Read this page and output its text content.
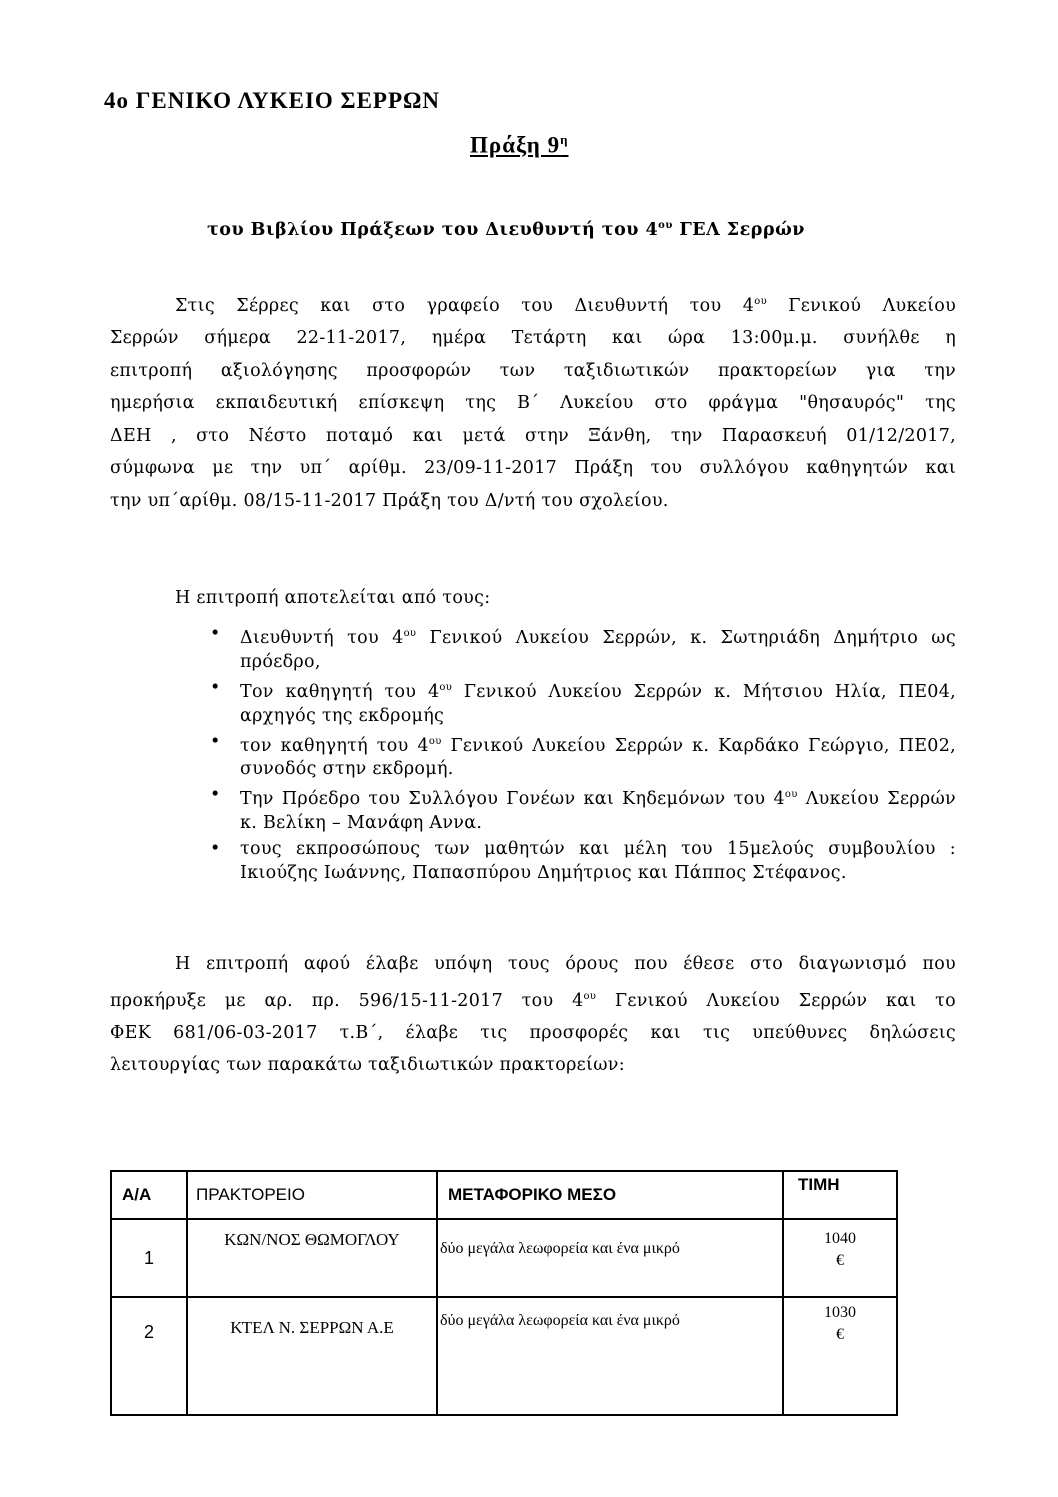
4ο ΓΕΝΙΚΟ ΛΥΚΕΙΟ ΣΕΡΡΩΝ
Πράξη $9^\eta$
του Βιβλίου Πράξεων του Διευθυντή του $4^{o\upsilon}$ ΓΕΛ Σερρών
Στις Σέρρες και στο γραφείο του Διευθυντή του $4^{o\upsilon}$ Γενικού Λυκείου
Σερρών σήμερα 22-11-2017, ημέρα Τετάρτη και ώρα 13:00μ.μ. συνήλθε η
επιτροπή αξιολόγησης προσφορών των ταξιδιωτικών πρακτορείων για την
ημερήσια εκπαιδευτική επίσκεψη της Β΄ Λυκείου στο φράγμα "θησαυρός" της
ΔΕΗ , στο Νέστο ποταμό και μετά στην Ξάνθη, την Παρασκευή 01/12/2017,
σύμφωνα με την υπ΄ αρίθμ. 23/09-11-2017 Πράξη του συλλόγου καθηγητών και
την υπ΄αρίθμ. 08/15-11-2017 Πράξη του Δ/ντή του σχολείου.
Η επιτροπή αποτελείται από τους:
• Διευθυντή του $4^{o\upsilon}$ Γενικού Λυκείου Σερρών, κ. Σωτηριάδη Δημήτριο ως πρόεδρο,
• Τον καθηγητή του $4^{o\upsilon}$ Γενικού Λυκείου Σερρών κ. Μήτσιου Ηλία, ΠΕ04, αρχηγός της εκδρομής
• τον καθηγητή του $4^{o\upsilon}$ Γενικού Λυκείου Σερρών κ. Καρδάκο Γεώργιο, ΠΕ02, συνοδός στην εκδρομή.
• Την Πρόεδρο του Συλλόγου Γονέων και Κηδεμόνων του $4^{o\upsilon}$ Λυκείου Σερρών κ. Βελίκη – Μανάφη Αννα.
• τους εκπροσώπους των μαθητών και μέλη του 15μελούς συμβουλίου : Ικιούζης Ιωάννης, Παπασπύρου Δημήτριος και Πάππος Στέφανος.
Η επιτροπή αφού έλαβε υπόψη τους όρους που έθεσε στο διαγωνισμό που
προκήρυξε με αρ. πρ. 596/15-11-2017 του $4^{o\upsilon}$ Γενικού Λυκείου Σερρών και το
ΦΕΚ 681/06-03-2017 τ.Β΄, έλαβε τις προσφορές και τις υπεύθυνες δηλώσεις
λειτουργίας των παρακάτω ταξιδιωτικών πρακτορείων:
Α/Α	ΠΡΑΚΤΟΡΕΙΟ	ΜΕΤΑΦΟΡΙΚΟ ΜΕΣΟ	ΤΙΜΗ
1	ΚΩΝ/ΝΟΣ ΘΩΜΟΓΛΟΥ	δύο μεγάλα λεωφορεία και ένα μικρό	1040
€

2	ΚΤΕΛ Ν. ΣΕΡΡΩΝ Α.Ε	δύο μεγάλα λεωφορεία και ένα μικρό	1030
€
